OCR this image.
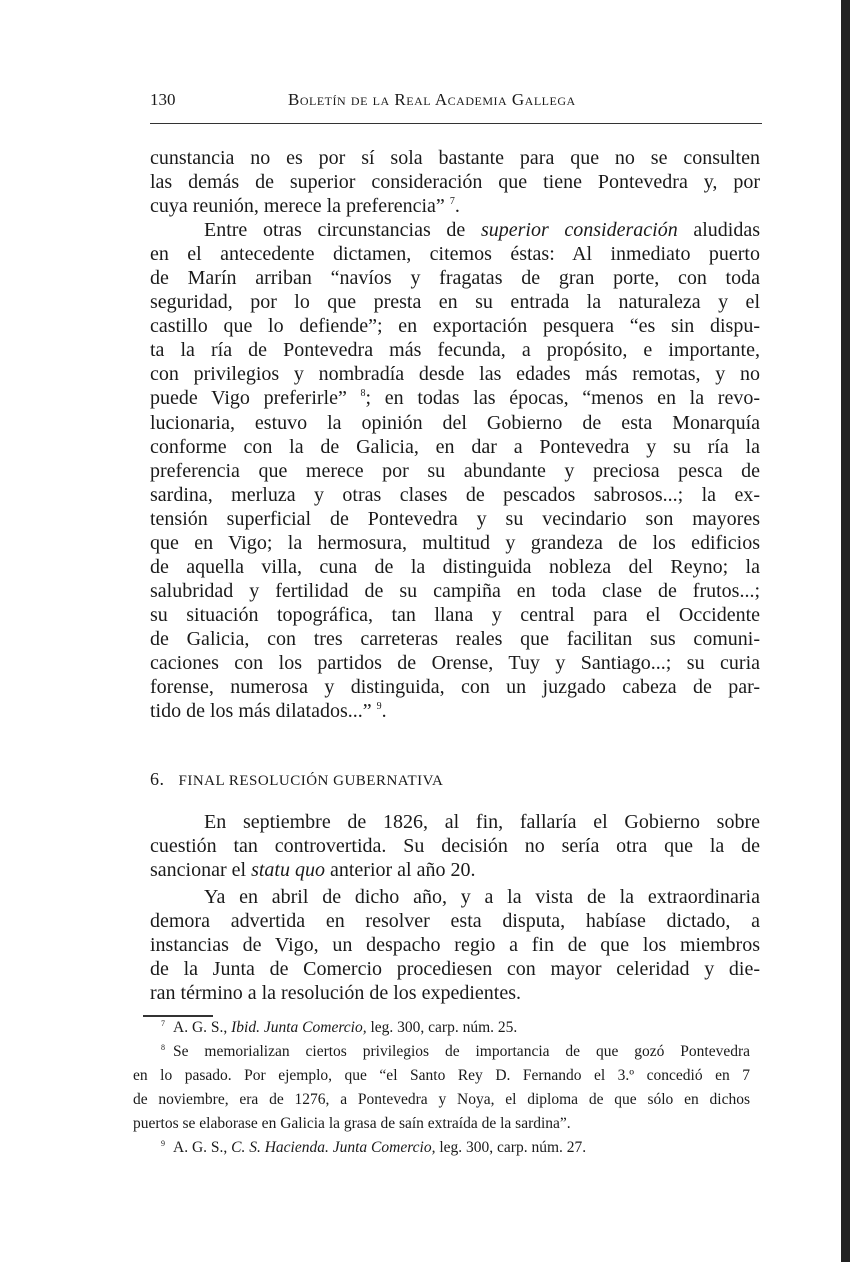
130	Boletín de la Real Academia Gallega
cunstancia no es por sí sola bastante para que no se consulten
las demás de superior consideración que tiene Pontevedra y, por
cuya reunión, merece la preferencia” $^7$.
Entre otras circunstancias de superior consideración aludidas
en el antecedente dictamen, citemos éstas: Al inmediato puerto
de Marín arriban “navíos y fragatas de gran porte, con toda
seguridad, por lo que presta en su entrada la naturaleza y el
castillo que lo defiende”; en exportación pesquera “es sin dispu-
ta la ría de Pontevedra más fecunda, a propósito, e importante,
con privilegios y nombradía desde las edades más remotas, y no
puede Vigo preferirle” $^8$; en todas las épocas, “menos en la revo-
lucionaria, estuvo la opinión del Gobierno de esta Monarquía
conforme con la de Galicia, en dar a Pontevedra y su ría la
preferencia que merece por su abundante y preciosa pesca de
sardina, merluza y otras clases de pescados sabrosos...; la ex-
tensión superficial de Pontevedra y su vecindario son mayores
que en Vigo; la hermosura, multitud y grandeza de los edificios
de aquella villa, cuna de la distinguida nobleza del Reyno; la
salubridad y fertilidad de su campiña en toda clase de frutos...;
su situación topográfica, tan llana y central para el Occidente
de Galicia, con tres carreteras reales que facilitan sus comuni-
caciones con los partidos de Orense, Tuy y Santiago...; su curia
forense, numerosa y distinguida, con un juzgado cabeza de par-
tido de los más dilatados...” $^9$.
6. FINAL RESOLUCIÓN GUBERNATIVA
En septiembre de 1826, al fin, fallaría el Gobierno sobre
cuestión tan controvertida. Su decisión no sería otra que la de
sancionar el statu quo anterior al año 20.
Ya en abril de dicho año, y a la vista de la extraordinaria
demora advertida en resolver esta disputa, habíase dictado, a
instancias de Vigo, un despacho regio a fin de que los miembros
de la Junta de Comercio procediesen con mayor celeridad y die-
ran término a la resolución de los expedientes.
$^7$ A. G. S., Ibid. Junta Comercio, leg. 300, carp. núm. 25.
$^8$ Se memorializan ciertos privilegios de importancia de que gozó Pontevedra
en lo pasado. Por ejemplo, que “el Santo Rey D. Fernando el 3.º concedió en 7
de noviembre, era de 1276, a Pontevedra y Noya, el diploma de que sólo en dichos
puertos se elaborase en Galicia la grasa de saín extraída de la sardina”.
$^9$ A. G. S., C. S. Hacienda. Junta Comercio, leg. 300, carp. núm. 27.
